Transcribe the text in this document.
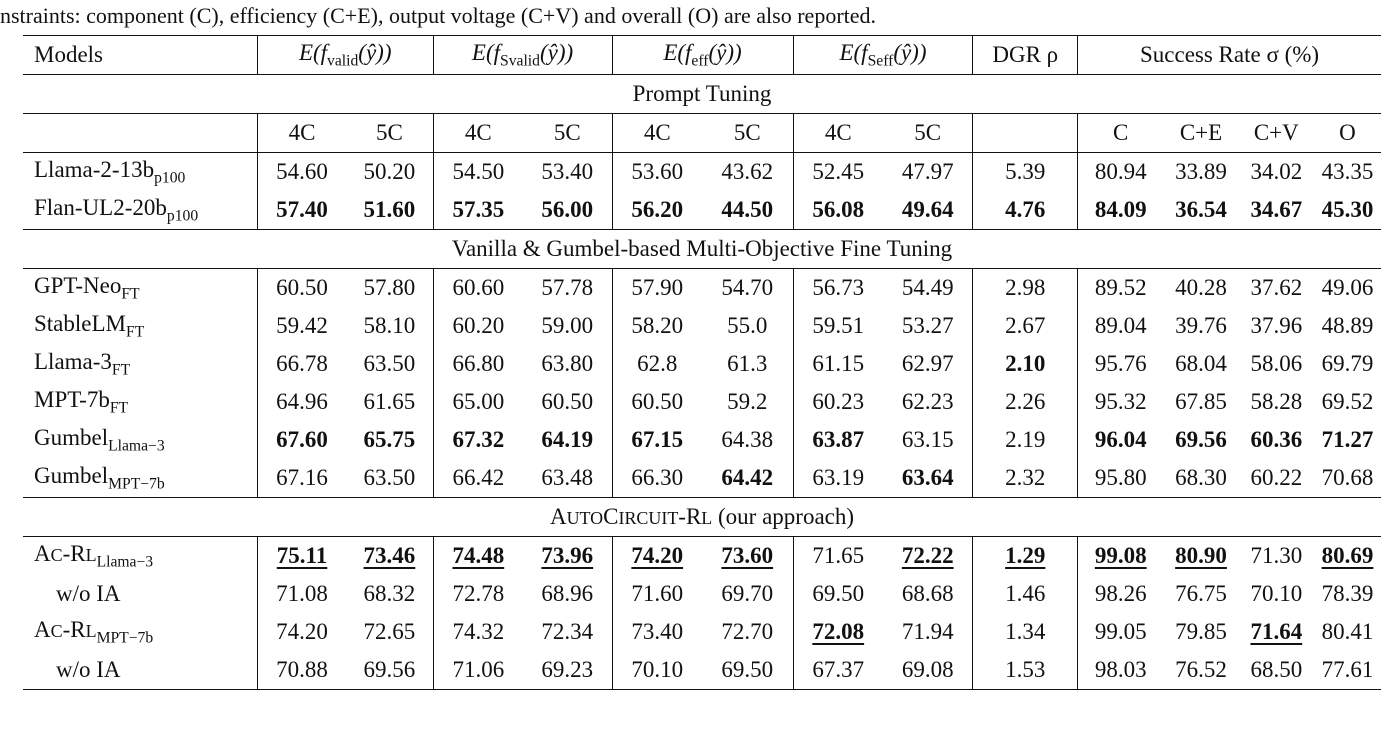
nstraints: component (C), efficiency (C+E), output voltage (C+V) and overall (O) are also reported.
Models	$E(f_{valid}(ŷ))$		$E(f_{Svalid}(ŷ))$		$E(f_{eff}(ŷ))$		$E(f_{Seff}(ŷ))$		DGR ρ	Success Rate σ (%)			
Prompt Tuning													
	4C	5C	4C	5C	4C	5C	4C	5C		C	C+E	C+V	O
Llama-$2-13b_{p100}$	54.60	50.20	54.50	53.40	53.60	43.62	52.45	47.97	5.39	80.94	33.89	34.02	43.35
Flan-$UL2-20b_{p100}$	57.40	51.60	57.35	56.00	56.20	44.50	56.08	49.64	4.76	84.09	36.54	34.67	45.30
Vanilla & Gumbel-based Multi-Objective Fine Tuning													
GPT-Neo$_{FT}$	60.50	57.80	60.60	57.78	57.90	54.70	56.73	54.49	2.98	89.52	40.28	37.62	49.06
StableLM$_{FT}$	59.42	58.10	60.20	59.00	58.20	55.0	59.51	53.27	2.67	89.04	39.76	37.96	48.89
Llama-$3_{FT}$	66.78	63.50	66.80	63.80	62.8	61.3	61.15	62.97	2.10	95.76	68.04	58.06	69.79
MPT-$7b_{FT}$	64.96	61.65	65.00	60.50	60.50	59.2	60.23	62.23	2.26	95.32	67.85	58.28	69.52
Gumbel$_{Llama-3}$	67.60	65.75	67.32	64.19	67.15	64.38	63.87	63.15	2.19	96.04	69.56	60.36	71.27
Gumbel$_{MPT-7b}$	67.16	63.50	66.42	63.48	66.30	64.42	63.19	63.64	2.32	95.80	68.30	60.22	70.68
AUTOCIRCUIT-RL (our approach)													
$AC-RL_{Llama-3}$	75.11	73.46	74.48	73.96	74.20	73.60	71.65	72.22	1.29	99.08	80.90	71.30	80.69
w/o IA	71.08	68.32	72.78	68.96	71.60	69.70	69.50	68.68	1.46	98.26	76.75	70.10	78.39
$AC-RL_{MPT-7b}$	74.20	72.65	74.32	72.34	73.40	72.70	72.08	71.94	1.34	99.05	79.85	71.64	80.41
w/o IA	70.88	69.56	71.06	69.23	70.10	69.50	67.37	69.08	1.53	98.03	76.52	68.50	77.61
